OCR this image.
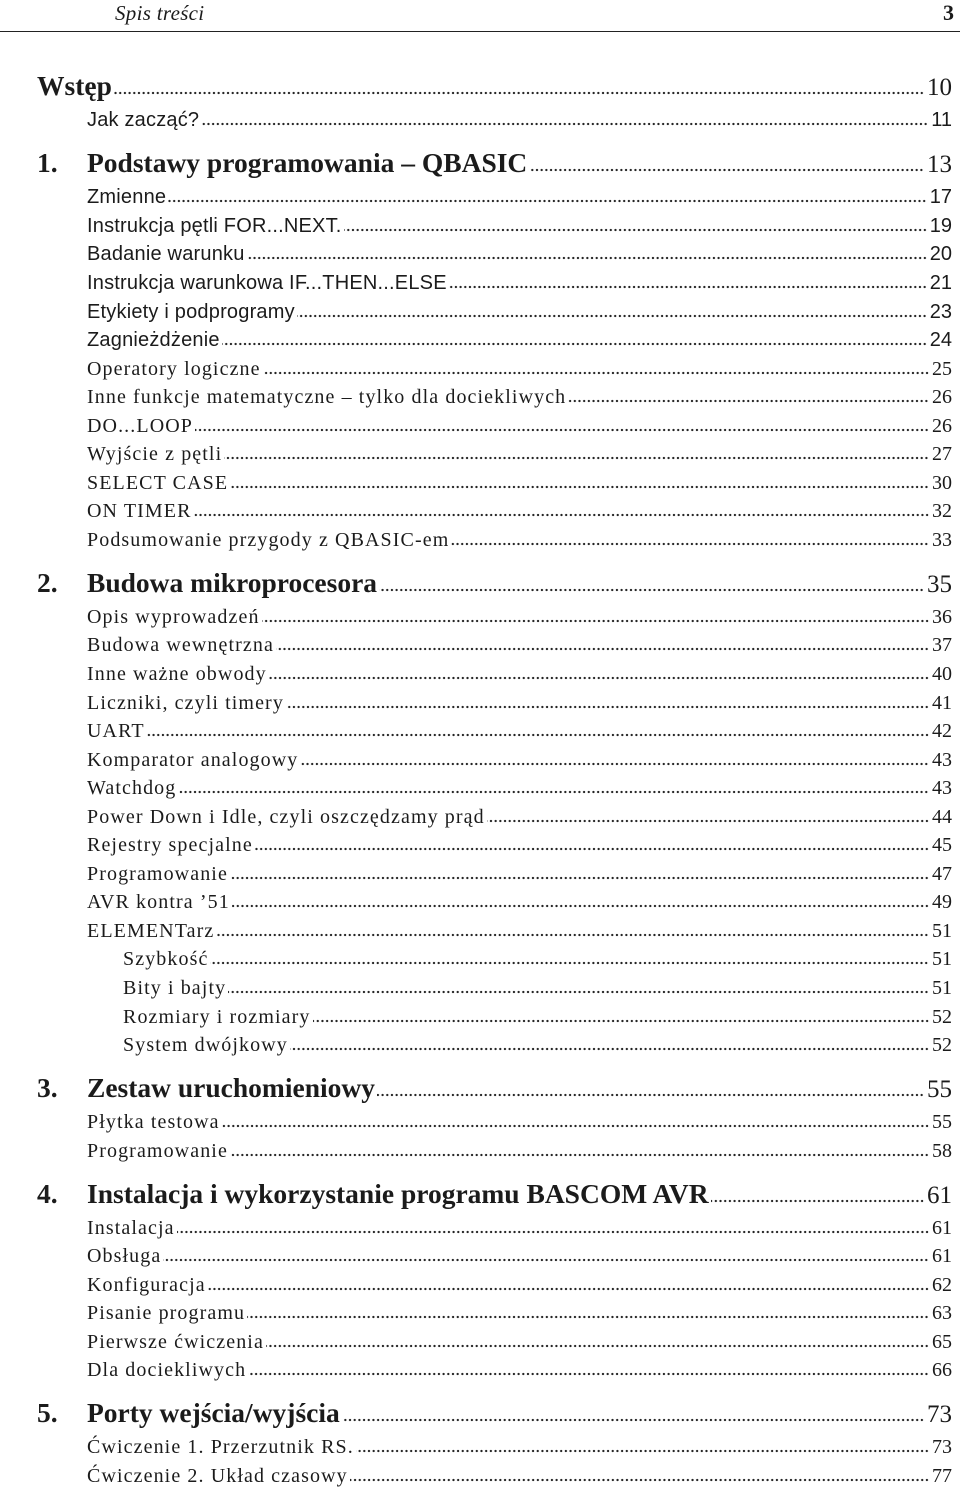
Spis treści	3
Wstęp	10
Jak zacząć?	11
1.	Podstawy programowania – QBASIC	13
Zmienne	17
Instrukcja pętli FOR...NEXT.	19
Badanie warunku	20
Instrukcja warunkowa IF...THEN...ELSE	21
Etykiety i podprogramy	23
Zagnieżdżenie	24
Operatory logiczne	25
Inne funkcje matematyczne – tylko dla dociekliwych	26
DO...LOOP	26
Wyjście z pętli	27
SELECT CASE	30
ON TIMER	32
Podsumowanie przygody z QBASIC-em	33
2.	Budowa mikroprocesora	35
Opis wyprowadzeń	36
Budowa wewnętrzna	37
Inne ważne obwody	40
Liczniki, czyli timery	41
UART	42
Komparator analogowy	43
Watchdog	43
Power Down i Idle, czyli oszczędzamy prąd	44
Rejestry specjalne	45
Programowanie	47
AVR kontra ’51	49
ELEMENTarz	51
Szybkość	51
Bity i bajty	51
Rozmiary i rozmiary	52
System dwójkowy	52
3.	Zestaw uruchomieniowy	55
Płytka testowa	55
Programowanie	58
4.	Instalacja i wykorzystanie programu BASCOM AVR	61
Instalacja	61
Obsługa	61
Konfiguracja	62
Pisanie programu	63
Pierwsze ćwiczenia	65
Dla dociekliwych	66
5.	Porty wejścia/wyjścia	73
Ćwiczenie 1. Przerzutnik RS.	73
Ćwiczenie 2. Układ czasowy	77
